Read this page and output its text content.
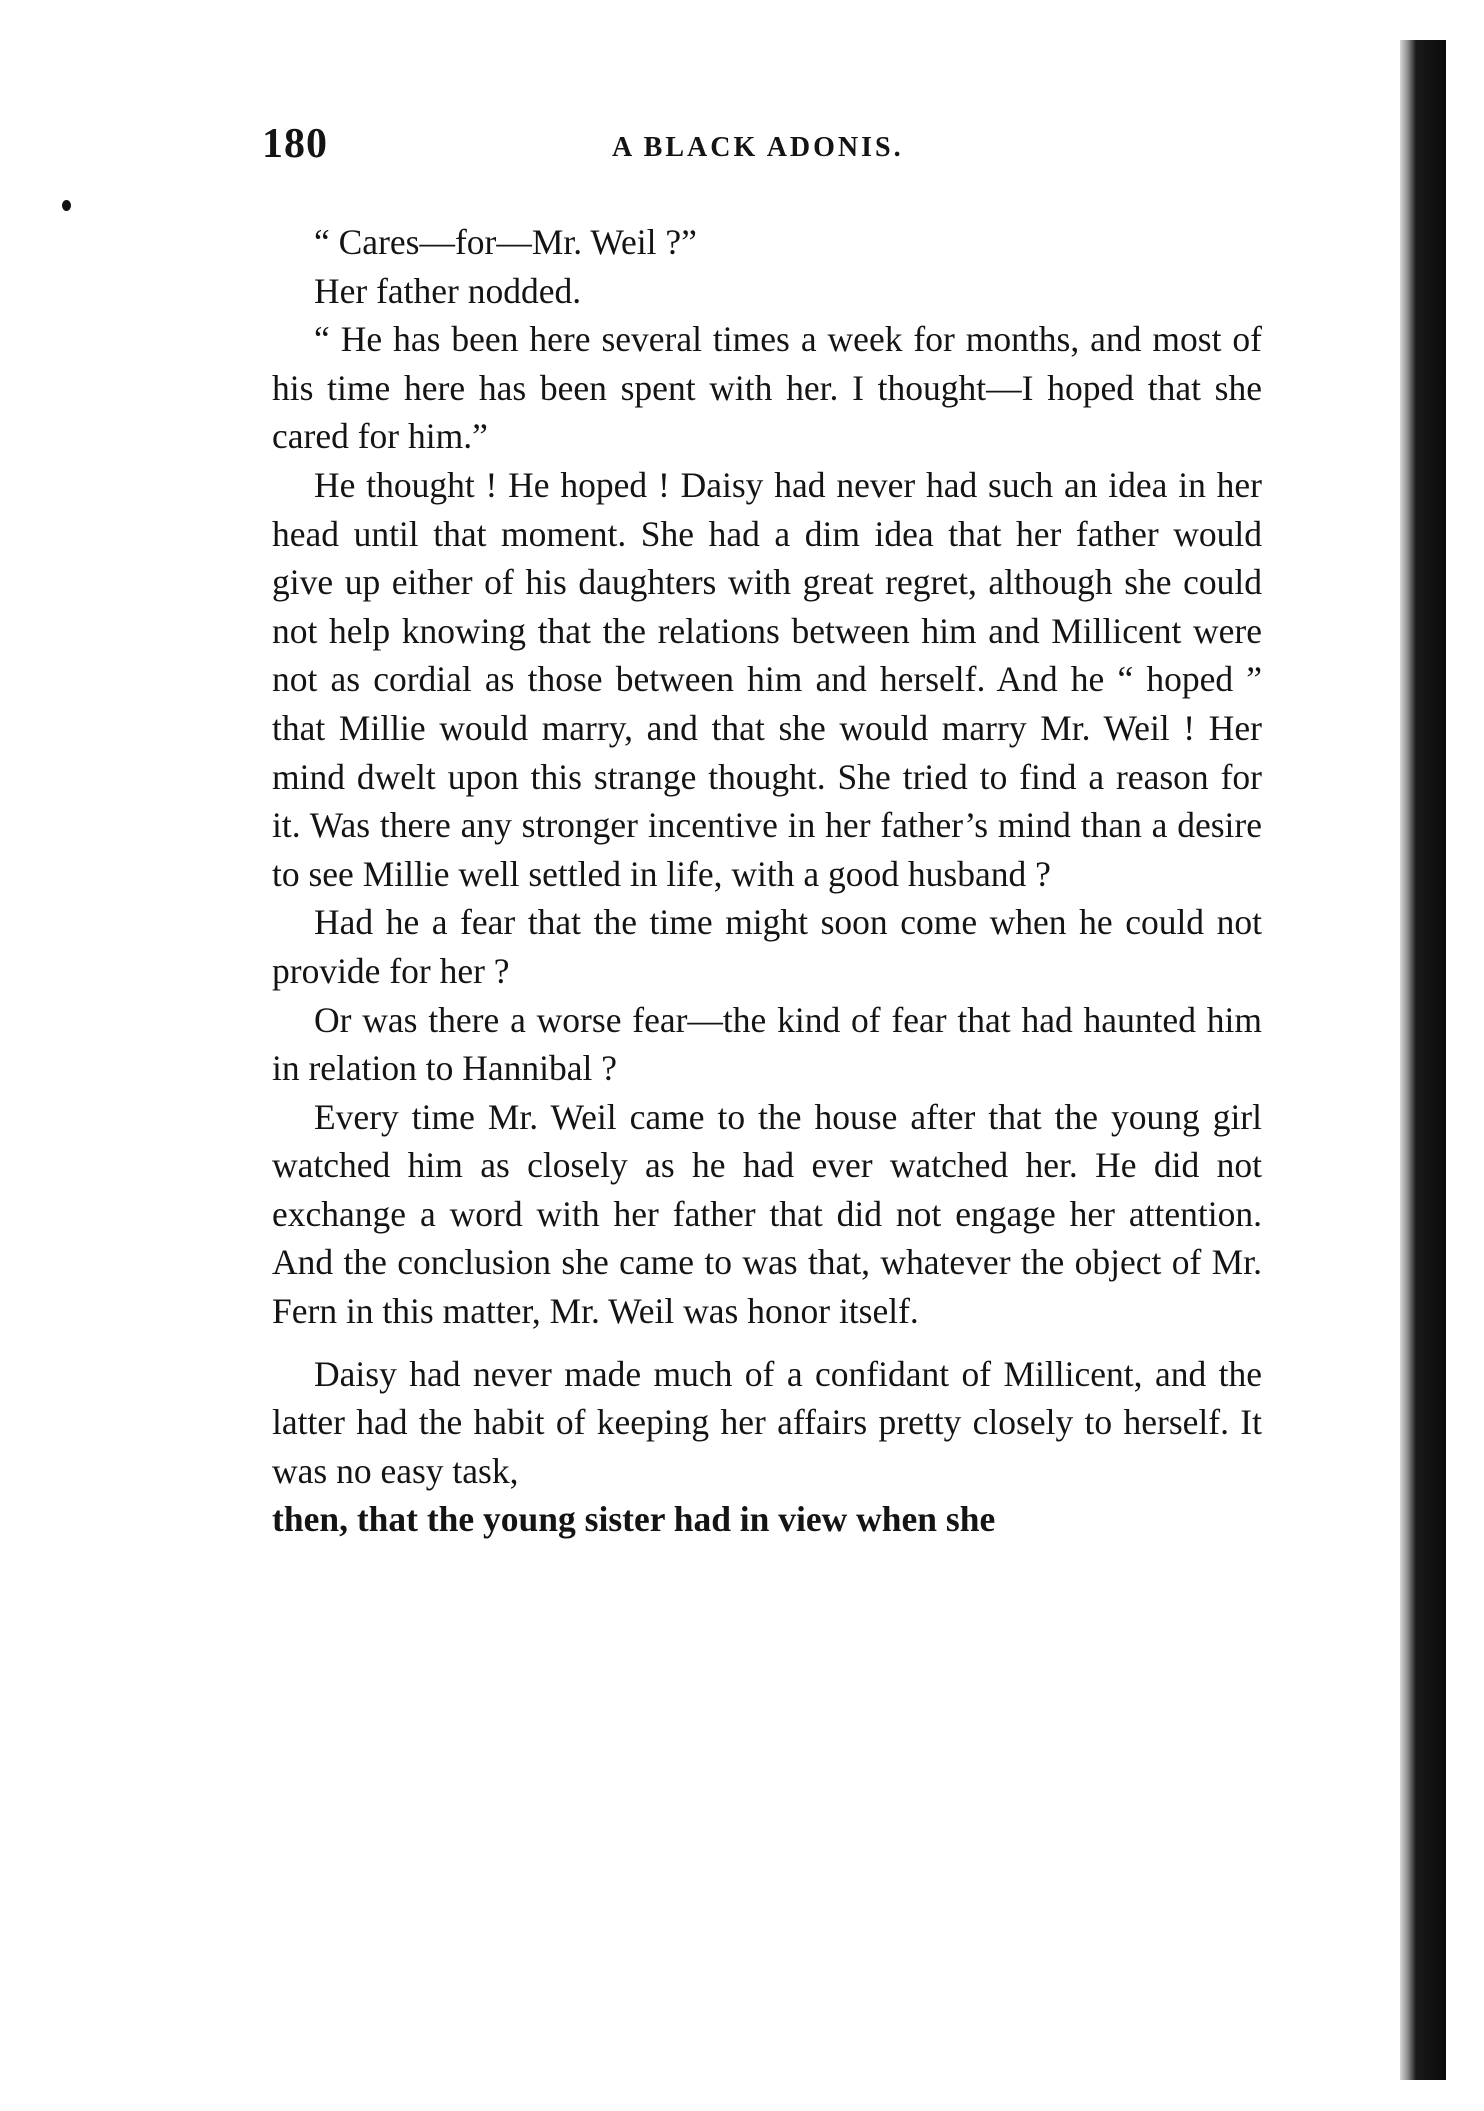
180	A BLACK ADONIS.

“ Cares—for—Mr. Weil ?”

Her father nodded.

“ He has been here several times a week for months, and most of his time here has been spent with her. I thought—I hoped that she cared for him.”

He thought ! He hoped ! Daisy had never had such an idea in her head until that moment. She had a dim idea that her father would give up either of his daughters with great regret, although she could not help knowing that the relations between him and Millicent were not as cordial as those between him and herself. And he “ hoped ” that Millie would marry, and that she would marry Mr. Weil ! Her mind dwelt upon this strange thought. She tried to find a reason for it. Was there any stronger incentive in her father’s mind than a desire to see Millie well settled in life, with a good husband ?

Had he a fear that the time might soon come when he could not provide for her ?

Or was there a worse fear—the kind of fear that had haunted him in relation to Hannibal ?

Every time Mr. Weil came to the house after that the young girl watched him as closely as he had ever watched her. He did not exchange a word with her father that did not engage her attention. And the conclusion she came to was that, whatever the object of Mr. Fern in this matter, Mr. Weil was honor itself.

Daisy had never made much of a confidant of Millicent, and the latter had the habit of keeping her affairs pretty closely to herself. It was no easy task,

then, that the young sister had in view when she
